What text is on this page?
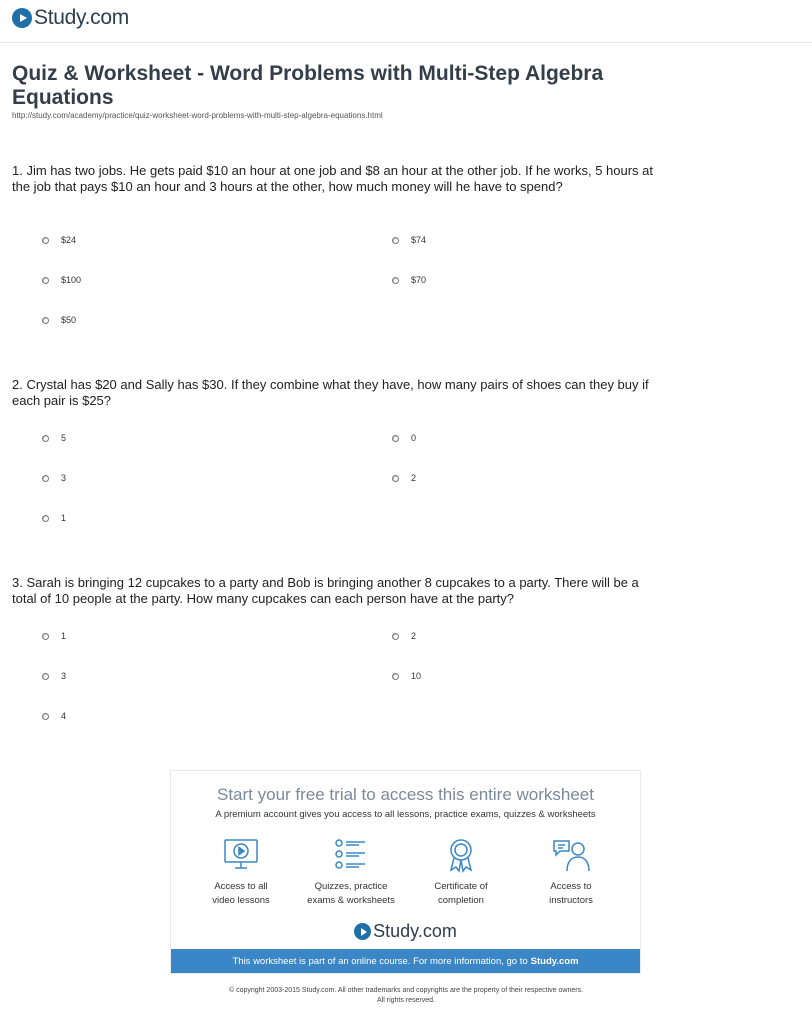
Study.com
Quiz & Worksheet - Word Problems with Multi-Step Algebra Equations
http://study.com/academy/practice/quiz-worksheet-word-problems-with-multi-step-algebra-equations.html
1. Jim has two jobs. He gets paid $10 an hour at one job and $8 an hour at the other job. If he works, 5 hours at the job that pays $10 an hour and 3 hours at the other, how much money will he have to spend?
$24	$74
$100	$70
$50
2. Crystal has $20 and Sally has $30. If they combine what they have, how many pairs of shoes can they buy if each pair is $25?
5	0
3	2
1
3. Sarah is bringing 12 cupcakes to a party and Bob is bringing another 8 cupcakes to a party. There will be a total of 10 people at the party. How many cupcakes can each person have at the party?
1	2
3	10
4
Start your free trial to access this entire worksheet
A premium account gives you access to all lessons, practice exams, quizzes & worksheets
Access to all
video lessons
Quizzes, practice
exams & worksheets
Certificate of
completion
Access to
instructors
Study.com
This worksheet is part of an online course. For more information, go to Study.com
© copyright 2003-2015 Study.com. All other trademarks and copyrights are the property of their respective owners.
All rights reserved.
